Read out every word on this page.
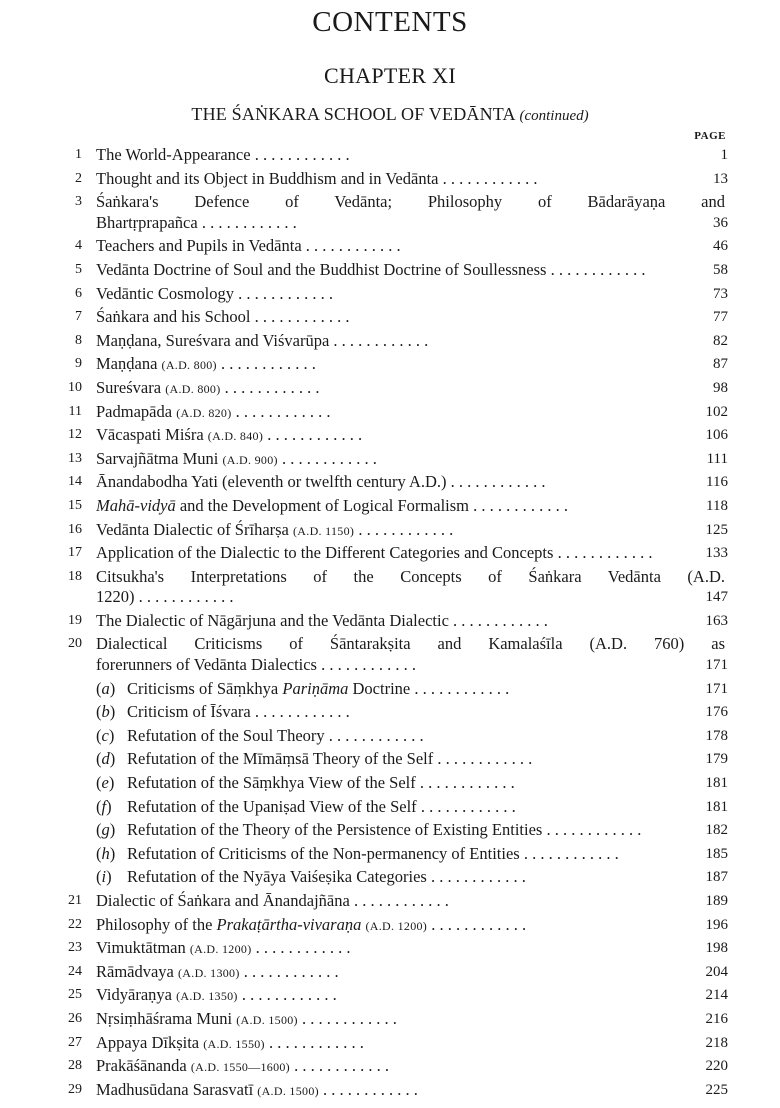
CONTENTS
CHAPTER XI
THE ŚAṄKARA SCHOOL OF VEDĀNTA (continued)
PAGE
1 The World-Appearance . . . . . . . . . . . .	1
2 Thought and its Object in Buddhism and in Vedānta . . . . . . . . . . . .	13
3 Śaṅkara's Defence of Vedānta; Philosophy of Bādarāyaṇa and
Bhartṛprapañca . . . . . . . . . . . .	36
4 Teachers and Pupils in Vedānta . . . . . . . . . . . .	46
5 Vedānta Doctrine of Soul and the Buddhist Doctrine of Soullessness . . . . . . . . . . . .	58
6 Vedāntic Cosmology . . . . . . . . . . . .	73
7 Śaṅkara and his School . . . . . . . . . . . .	77
8 Maṇḍana, Sureśvara and Viśvarūpa . . . . . . . . . . . .	82
9 Maṇḍana (A.D. 800) . . . . . . . . . . . .	87
10 Sureśvara (A.D. 800) . . . . . . . . . . . .	98
11 Padmapāda (A.D. 820) . . . . . . . . . . . .	102
12 Vācaspati Miśra (A.D. 840) . . . . . . . . . . . .	106
13 Sarvajñātma Muni (A.D. 900) . . . . . . . . . . . .	111
14 Ānandabodha Yati (eleventh or twelfth century A.D.) . . . . . . . . . . . .	116
15 Mahā-vidyā and the Development of Logical Formalism . . . . . . . . . . . .	118
16 Vedānta Dialectic of Śrīharṣa (A.D. 1150) . . . . . . . . . . . .	125
17 Application of the Dialectic to the Different Categories and Concepts . . . . . . . . . . . .	133
18 Citsukha's Interpretations of the Concepts of Śaṅkara Vedānta (A.D.
1220) . . . . . . . . . . . .	147
19 The Dialectic of Nāgārjuna and the Vedānta Dialectic . . . . . . . . . . . .	163
20 Dialectical Criticisms of Śāntarakṣita and Kamalaśīla (A.D. 760) as
forerunners of Vedānta Dialectics . . . . . . . . . . . .	171
(a) Criticisms of Sāṃkhya Pariṇāma Doctrine . . . . . . . . . . . .	171
(b) Criticism of Īśvara . . . . . . . . . . . .	176
(c) Refutation of the Soul Theory . . . . . . . . . . . .	178
(d) Refutation of the Mīmāṃsā Theory of the Self . . . . . . . . . . . .	179
(e) Refutation of the Sāṃkhya View of the Self . . . . . . . . . . . .	181
(f) Refutation of the Upaniṣad View of the Self . . . . . . . . . . . .	181
(g) Refutation of the Theory of the Persistence of Existing Entities . . . . . . . . . . . .	182
(h) Refutation of Criticisms of the Non-permanency of Entities . . . . . . . . . . . .	185
(i) Refutation of the Nyāya Vaiśeṣika Categories . . . . . . . . . . . .	187
21 Dialectic of Śaṅkara and Ānandajñāna . . . . . . . . . . . .	189
22 Philosophy of the Prakaṭārtha-vivaraṇa (A.D. 1200) . . . . . . . . . . . .	196
23 Vimuktātman (A.D. 1200) . . . . . . . . . . . .	198
24 Rāmādvaya (A.D. 1300) . . . . . . . . . . . .	204
25 Vidyāraṇya (A.D. 1350) . . . . . . . . . . . .	214
26 Nṛsiṃhāśrama Muni (A.D. 1500) . . . . . . . . . . . .	216
27 Appaya Dīkṣita (A.D. 1550) . . . . . . . . . . . .	218
28 Prakāśānanda (A.D. 1550—1600) . . . . . . . . . . . .	220
29 Madhusūdana Sarasvatī (A.D. 1500) . . . . . . . . . . . .	225
